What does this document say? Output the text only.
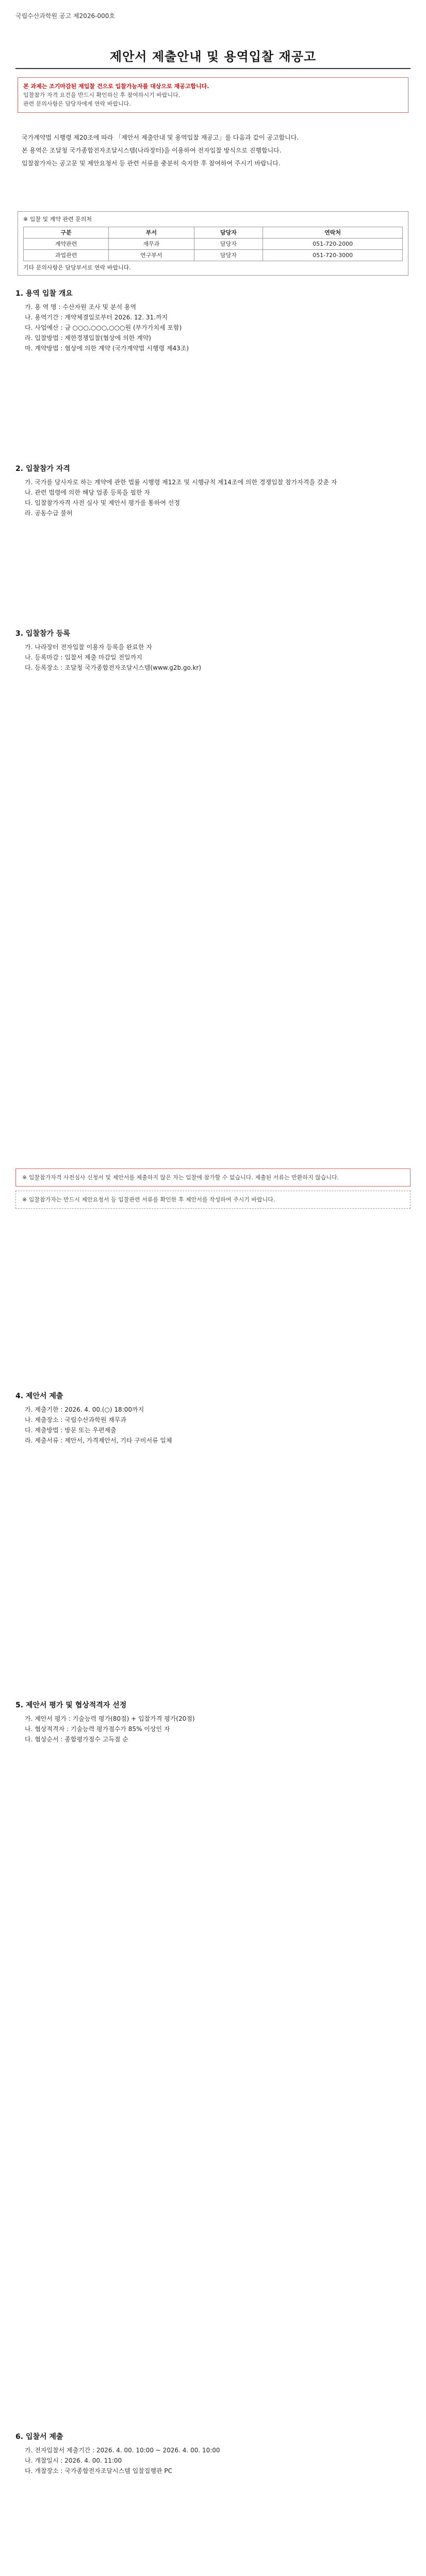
국립수산과학원 공고 제2026-000호
제안서 제출안내 및 용역입찰 재공고
본 과제는 조기마감된 재입찰 건으로 입찰가능자를 대상으로 재공고합니다.
입찰참가 자격 요건을 반드시 확인하신 후 참여하시기 바랍니다.
관련 문의사항은 담당자에게 연락 바랍니다.

국가계약법 시행령 제20조에 따라 「제안서 제출안내 및 용역입찰 재공고」를 다음과 같이 공고합니다.

본 용역은 조달청 국가종합전자조달시스템(나라장터)을 이용하여 전자입찰 방식으로 진행합니다.

입찰참가자는 공고문 및 제안요청서 등 관련 서류를 충분히 숙지한 후 참여하여 주시기 바랍니다.

※ 입찰 및 계약 관련 문의처
구분	부서	담당자	연락처
계약관련	재무과	담당자	051-720-2000
과업관련	연구부서	담당자	051-720-3000
기타 문의사항은 담당부서로 연락 바랍니다.
1. 용역 입찰 개요
가. 용 역 명 : 수산자원 조사 및 분석 용역
나. 용역기간 : 계약체결일로부터 2026. 12. 31.까지
다. 사업예산 : 금 ○○○,○○○,○○○원 (부가가치세 포함)
라. 입찰방법 : 제한경쟁입찰(협상에 의한 계약)
마. 계약방법 : 협상에 의한 계약 (국가계약법 시행령 제43조)
2. 입찰참가 자격
가. 국가를 당사자로 하는 계약에 관한 법률 시행령 제12조 및 시행규칙 제14조에 의한 경쟁입찰 참가자격을 갖춘 자
나. 관련 법령에 의한 해당 업종 등록을 필한 자
다. 입찰참가자격 사전 심사 및 제안서 평가를 통하여 선정
라. 공동수급 불허
3. 입찰참가 등록
가. 나라장터 전자입찰 이용자 등록을 완료한 자
나. 등록마감 : 입찰서 제출 마감일 전일까지
다. 등록장소 : 조달청 국가종합전자조달시스템(www.g2b.go.kr)
※ 입찰참가자격 사전심사 신청서 및 제안서를 제출하지 않은 자는 입찰에 참가할 수 없습니다. 제출된 서류는 반환하지 않습니다.
※ 입찰참가자는 반드시 제안요청서 등 입찰관련 서류를 확인한 후 제안서를 작성하여 주시기 바랍니다.
4. 제안서 제출
가. 제출기한 : 2026. 4. 00.(○) 18:00까지
나. 제출장소 : 국립수산과학원 재무과
다. 제출방법 : 방문 또는 우편제출
라. 제출서류 : 제안서, 가격제안서, 기타 구비서류 일체
5. 제안서 평가 및 협상적격자 선정
가. 제안서 평가 : 기술능력 평가(80점) + 입찰가격 평가(20점)
나. 협상적격자 : 기술능력 평가점수가 85% 이상인 자
다. 협상순서 : 종합평가점수 고득점 순
6. 입찰서 제출
가. 전자입찰서 제출기간 : 2026. 4. 00. 10:00 ~ 2026. 4. 00. 10:00
나. 개찰일시 : 2026. 4. 00. 11:00
다. 개찰장소 : 국가종합전자조달시스템 입찰집행관 PC
